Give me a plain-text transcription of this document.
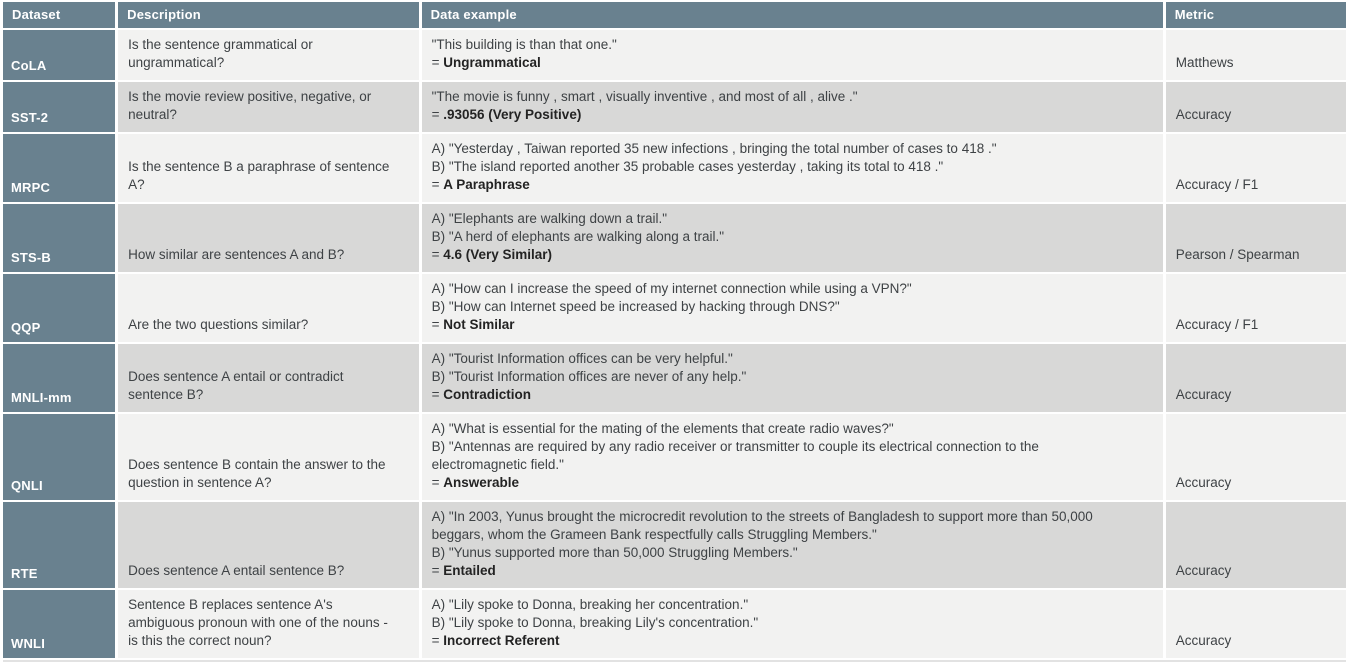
Dataset	Description	Data example	Metric
CoLA	Is the sentence grammatical or ungrammatical?	"This building is than that one."
= Ungrammatical	Matthews
SST-2	Is the movie review positive, negative, or neutral?	"The movie is funny , smart , visually inventive , and most of all , alive ."
= .93056 (Very Positive)	Accuracy
MRPC	Is the sentence B a paraphrase of sentence A?	A) "Yesterday , Taiwan reported 35 new infections , bringing the total number of cases to 418 ."
B) "The island reported another 35 probable cases yesterday , taking its total to 418 ."
= A Paraphrase	Accuracy / F1
STS-B	How similar are sentences A and B?	A) "Elephants are walking down a trail."
B) "A herd of elephants are walking along a trail."
= 4.6 (Very Similar)	Pearson / Spearman
QQP	Are the two questions similar?	A) "How can I increase the speed of my internet connection while using a VPN?"
B) "How can Internet speed be increased by hacking through DNS?"
= Not Similar	Accuracy / F1
MNLI-mm	Does sentence A entail or contradict sentence B?	A) "Tourist Information offices can be very helpful."
B) "Tourist Information offices are never of any help."
= Contradiction	Accuracy
QNLI	Does sentence B contain the answer to the question in sentence A?	A) "What is essential for the mating of the elements that create radio waves?"
B) "Antennas are required by any radio receiver or transmitter to couple its electrical connection to the electromagnetic field."
= Answerable	Accuracy
RTE	Does sentence A entail sentence B?	A) "In 2003, Yunus brought the microcredit revolution to the streets of Bangladesh to support more than 50,000 beggars, whom the Grameen Bank respectfully calls Struggling Members."
B) "Yunus supported more than 50,000 Struggling Members."
= Entailed	Accuracy
WNLI	Sentence B replaces sentence A's ambiguous pronoun with one of the nouns - is this the correct noun?	A) "Lily spoke to Donna, breaking her concentration."
B) "Lily spoke to Donna, breaking Lily's concentration."
= Incorrect Referent	Accuracy
